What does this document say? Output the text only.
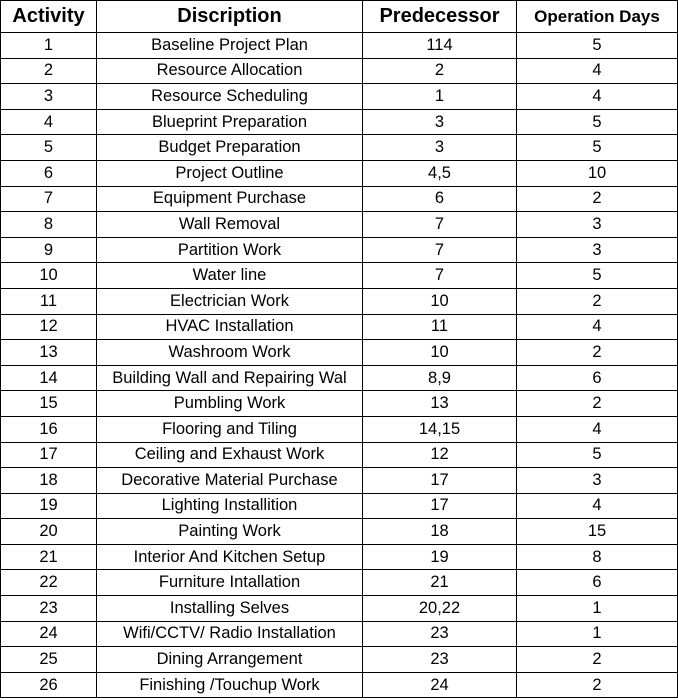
Activity	Discription	Predecessor	Operation Days
1	Baseline Project Plan	114	5
2	Resource Allocation	2	4
3	Resource Scheduling	1	4
4	Blueprint Preparation	3	5
5	Budget Preparation	3	5
6	Project Outline	4,5	10
7	Equipment Purchase	6	2
8	Wall Removal	7	3
9	Partition Work	7	3
10	Water line	7	5
11	Electrician Work	10	2
12	HVAC Installation	11	4
13	Washroom Work	10	2
14	Building Wall and Repairing Wal	8,9	6
15	Pumbling Work	13	2
16	Flooring and Tiling	14,15	4
17	Ceiling and Exhaust Work	12	5
18	Decorative Material Purchase	17	3
19	Lighting Installition	17	4
20	Painting Work	18	15
21	Interior And Kitchen Setup	19	8
22	Furniture Intallation	21	6
23	Installing Selves	20,22	1
24	Wifi/CCTV/ Radio Installation	23	1
25	Dining Arrangement	23	2
26	Finishing /Touchup Work	24	2
